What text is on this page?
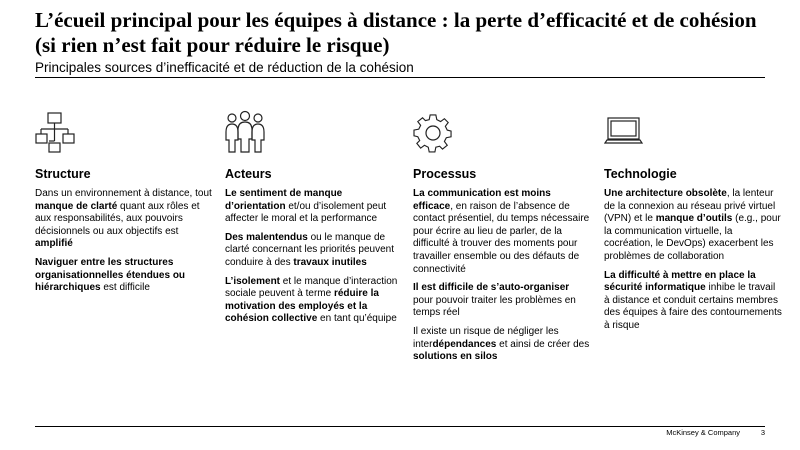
L’écueil principal pour les équipes à distance : la perte d’efficacité et de cohésion (si rien n’est fait pour réduire le risque)
Principales sources d’inefficacité et de réduction de la cohésion
Structure

Dans un environnement à distance, tout manque de clarté quant aux rôles et aux responsabilités, aux pouvoirs décisionnels ou aux objectifs est amplifié

Naviguer entre les structures organisationnelles étendues ou hiérarchiques est difficile

Acteurs

Le sentiment de manque d’orientation et/ou d’isolement peut affecter le moral et la performance

Des malentendus ou le manque de clarté concernant les priorités peuvent conduire à des travaux inutiles

L’isolement et le manque d’interaction sociale peuvent à terme réduire la motivation des employés et la cohésion collective en tant qu’équipe

Processus

La communication est moins efficace, en raison de l’absence de contact présentiel, du temps nécessaire pour écrire au lieu de parler, de la difficulté à trouver des moments pour travailler ensemble ou des défauts de connectivité

Il est difficile de s’auto-organiser pour pouvoir traiter les problèmes en temps réel

Il existe un risque de négliger les interdépendances et ainsi de créer des solutions en silos

Technologie

Une architecture obsolète, la lenteur de la connexion au réseau privé virtuel (VPN) et le manque d’outils (e.g., pour la communication virtuelle, la cocréation, le DevOps) exacerbent les problèmes de collaboration

La difficulté à mettre en place la sécurité informatique inhibe le travail à distance et conduit certains membres des équipes à faire des contournements à risque

McKinsey & Company	3
